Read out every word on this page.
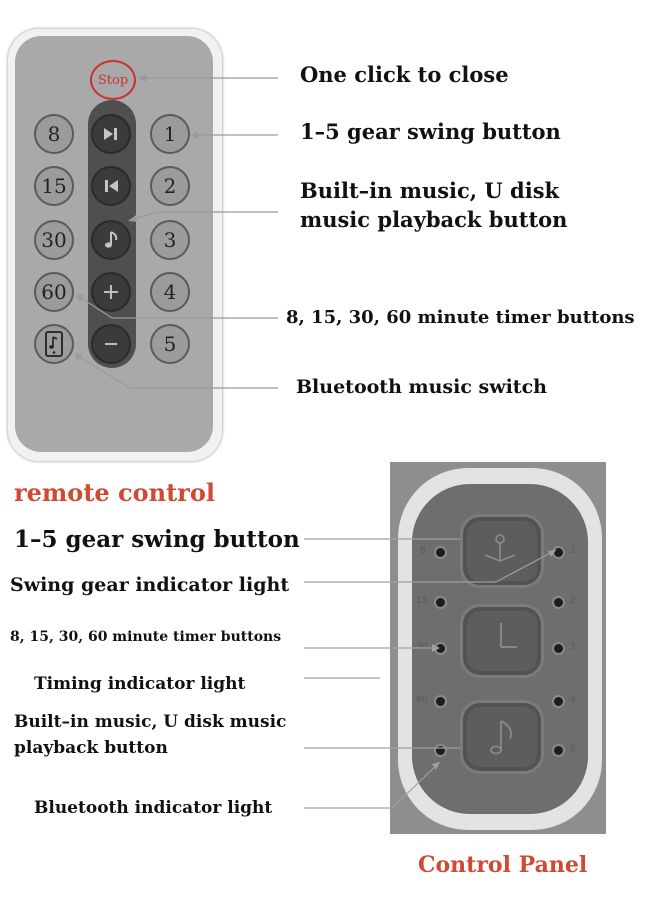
Stop
8
15
30
60
1
2
3
4
5
One click to close
1–5 gear swing button
Built–in music, U disk
music playback button
8, 15, 30, 60 minute timer buttons
Bluetooth music switch
remote control
8
15
30
60
1
2
3
4
5
1–5 gear swing button
Swing gear indicator light
8, 15, 30, 60 minute timer buttons
Timing indicator light
Built–in music, U disk music
playback button
Bluetooth indicator light
Control Panel
